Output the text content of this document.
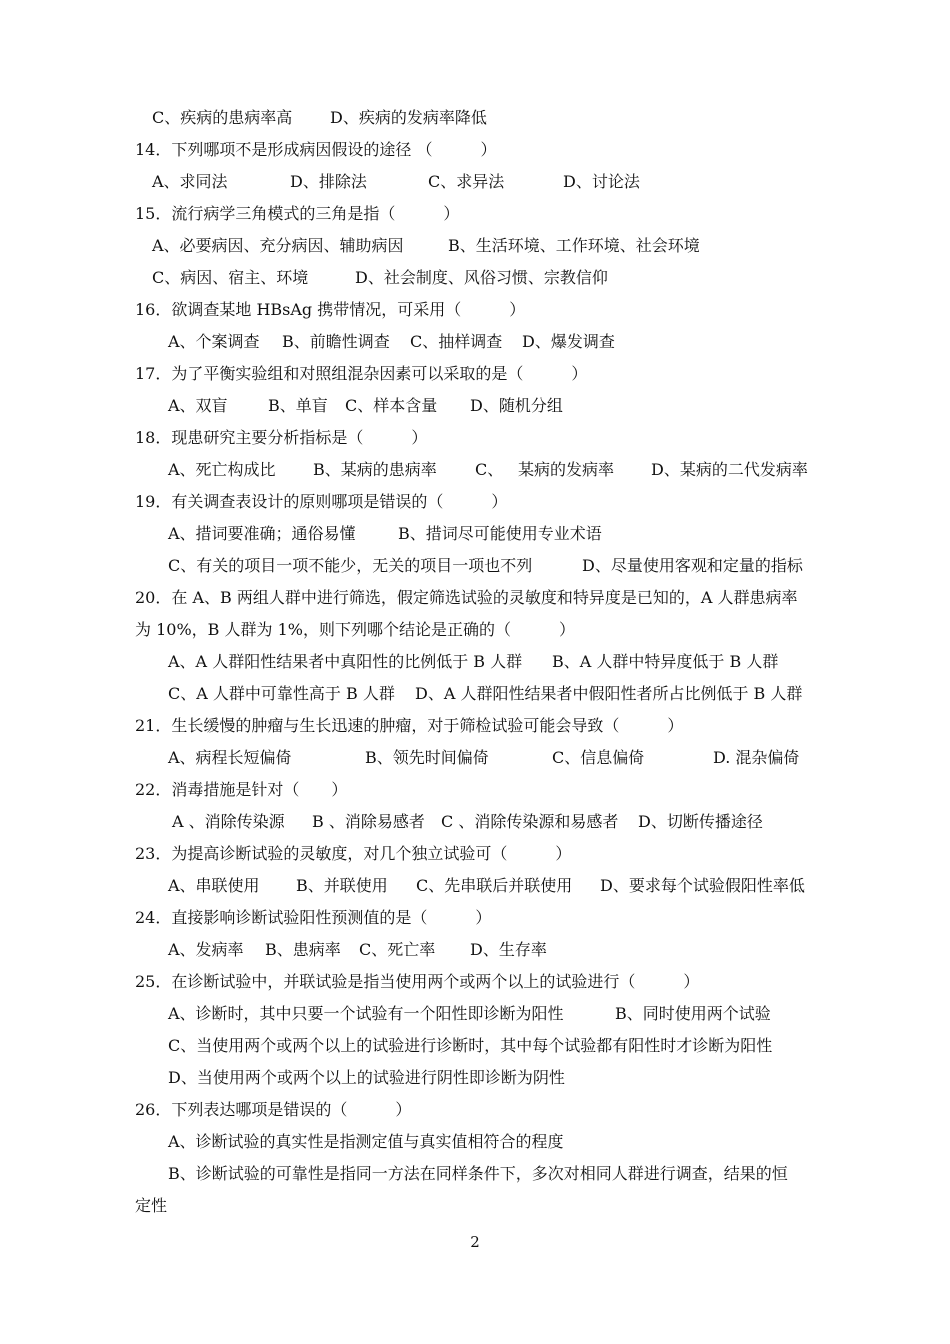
C、疾病的患病率高 D、疾病的发病率降低
14．下列哪项不是形成病因假设的途径 （　　　）
A、求同法	D、排除法	C、求异法	D、讨论法
15．流行病学三角模式的三角是指（　　　）
A、必要病因、充分病因、辅助病因	B、生活环境、工作环境、社会环境
C、病因、宿主、环境	D、社会制度、风俗习惯、宗教信仰
16．欲调查某地 HBsAg 携带情况，可采用（　　　）
A、个案调查 B、前瞻性调查 C、抽样调查 D、爆发调查
17．为了平衡实验组和对照组混杂因素可以采取的是（　　　）
A、双盲	B、单盲 C、样本含量 D、随机分组
18．现患研究主要分析指标是（　　　）
A、死亡构成比 B、某病的患病率 C、 某病的发病率 D、某病的二代发病率
19．有关调查表设计的原则哪项是错误的（　　　）
A、措词要准确；通俗易懂	B、措词尽可能使用专业术语
C、有关的项目一项不能少，无关的项目一项也不列	D、尽量使用客观和定量的指标
20．在 A、B 两组人群中进行筛选，假定筛选试验的灵敏度和特异度是已知的，A 人群患病率
为 10%，B 人群为 1%，则下列哪个结论是正确的（　　　）
A、A 人群阳性结果者中真阳性的比例低于 B 人群 B、A 人群中特异度低于 B 人群
C、A 人群中可靠性高于 B 人群 D、A 人群阳性结果者中假阳性者所占比例低于 B 人群
21．生长缓慢的肿瘤与生长迅速的肿瘤，对于筛检试验可能会导致（　　　）
A、病程长短偏倚	B、领先时间偏倚	C、信息偏倚	D. 混杂偏倚
22．消毒措施是针对（　　）
A 、消除传染源 B 、消除易感者 C 、消除传染源和易感者 D、切断传播途径
23．为提高诊断试验的灵敏度，对几个独立试验可（　　　）
A、串联使用 B、并联使用 C、先串联后并联使用 D、要求每个试验假阳性率低
24．直接影响诊断试验阳性预测值的是（　　　）
A、发病率 B、患病率 C、死亡率 D、生存率
25．在诊断试验中，并联试验是指当使用两个或两个以上的试验进行（　　　）
A、诊断时，其中只要一个试验有一个阳性即诊断为阳性	B、同时使用两个试验
C、当使用两个或两个以上的试验进行诊断时，其中每个试验都有阳性时才诊断为阳性
D、当使用两个或两个以上的试验进行阴性即诊断为阴性
26．下列表达哪项是错误的（　　　）
A、诊断试验的真实性是指测定值与真实值相符合的程度
B、诊断试验的可靠性是指同一方法在同样条件下，多次对相同人群进行调查，结果的恒
定性
2
